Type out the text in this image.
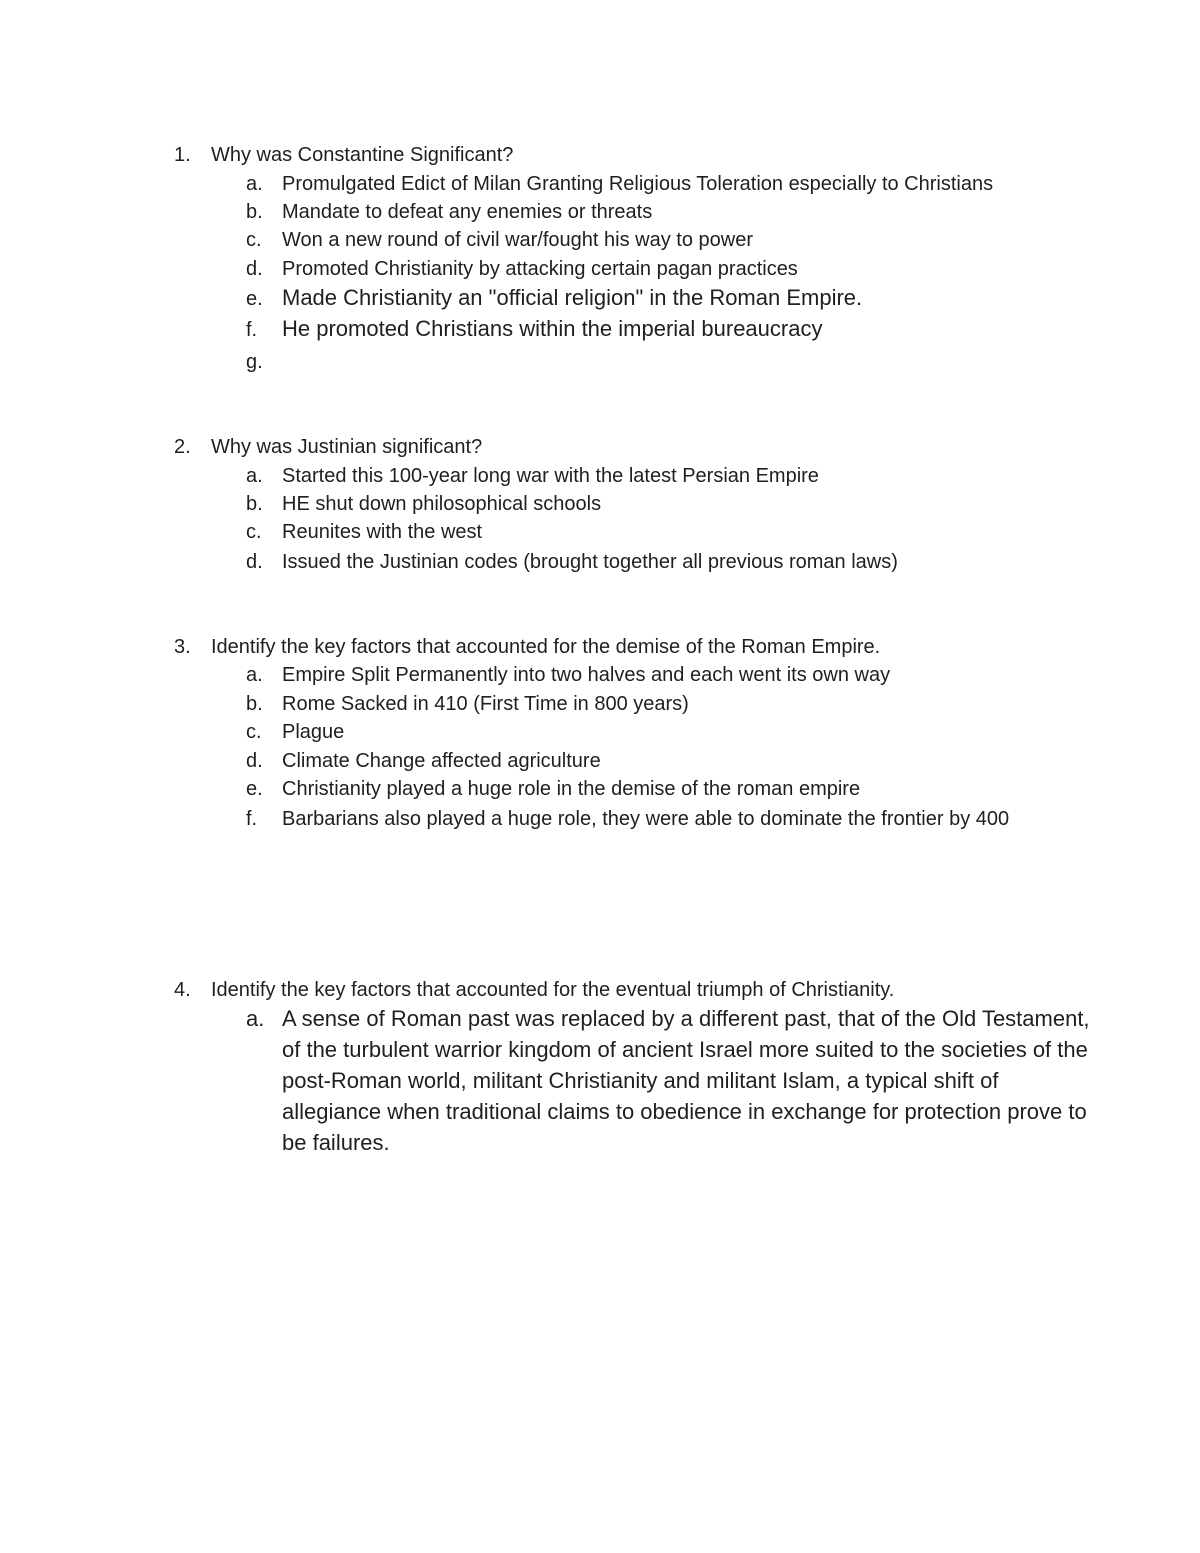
1. Why was Constantine Significant?
a. Promulgated Edict of Milan Granting Religious Toleration especially to Christians
b. Mandate to defeat any enemies or threats
c. Won a new round of civil war/fought his way to power
d. Promoted Christianity by attacking certain pagan practices
e. Made Christianity an "official religion" in the Roman Empire.
f. He promoted Christians within the imperial bureaucracy
g.
2. Why was Justinian significant?
a. Started this 100-year long war with the latest Persian Empire
b. HE shut down philosophical schools
c. Reunites with the west
d. Issued the Justinian codes (brought together all previous roman laws)
3. Identify the key factors that accounted for the demise of the Roman Empire.
a. Empire Split Permanently into two halves and each went its own way
b. Rome Sacked in 410 (First Time in 800 years)
c. Plague
d. Climate Change affected agriculture
e. Christianity played a huge role in the demise of the roman empire
f. Barbarians also played a huge role, they were able to dominate the frontier by 400
4. Identify the key factors that accounted for the eventual triumph of Christianity.
a. A sense of Roman past was replaced by a different past, that of the Old Testament, of the turbulent warrior kingdom of ancient Israel more suited to the societies of the post-Roman world, militant Christianity and militant Islam, a typical shift of allegiance when traditional claims to obedience in exchange for protection prove to be failures.
